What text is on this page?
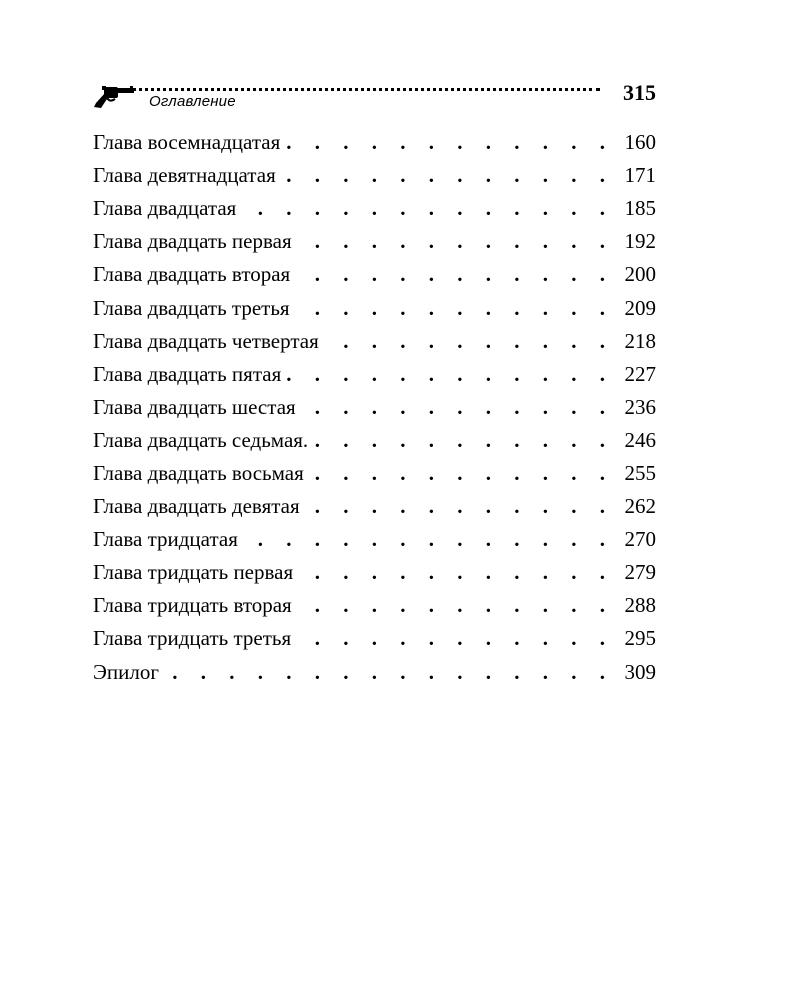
Оглавление	315
Глава восемнадцатая . . .	160
Глава девятнадцатая . . .	171
Глава двадцатая . . .	185
Глава двадцать первая . . .	192
Глава двадцать вторая . . .	200
Глава двадцать третья . . .	209
Глава двадцать четвертая . . .	218
Глава двадцать пятая . . .	227
Глава двадцать шестая . . .	236
Глава двадцать седьмая. . . .	246
Глава двадцать восьмая . . .	255
Глава двадцать девятая . . .	262
Глава тридцатая . . .	270
Глава тридцать первая . . .	279
Глава тридцать вторая . . .	288
Глава тридцать третья . . .	295
Эпилог . . .	309
